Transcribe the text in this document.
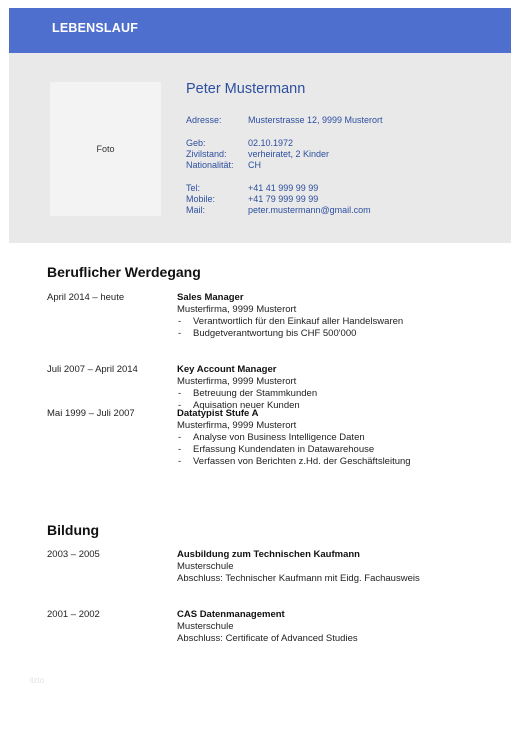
LEBENSLAUF
Foto
Peter Mustermann
Adresse:	Musterstrasse 12, 9999 Musterort
Geb:	02.10.1972
Zivilstand: verheiratet, 2 Kinder
Nationalität: CH
Tel:	+41 41 999 99 99
Mobile:	+41 79 999 99 99
Mail:	peter.mustermann@gmail.com
Beruflicher Werdegang
April 2014 – heute	Sales Manager
Musterfirma, 9999 Musterort
- Verantwortlich für den Einkauf aller Handelswaren
- Budgetverantwortung bis CHF 500'000
Juli 2007 – April 2014	Key Account Manager
Musterfirma, 9999 Musterort
- Betreuung der Stammkunden
- Aquisation neuer Kunden
Mai 1999 – Juli 2007	Datatypist Stufe A
Musterfirma, 9999 Musterort
- Analyse von Business Intelligence Daten
- Erfassung Kundendaten in Datawarehouse
- Verfassen von Berichten z.Hd. der Geschäftsleitung
Bildung
2003 – 2005	Ausbildung zum Technischen Kaufmann
Musterschule
Abschluss: Technischer Kaufmann mit Eidg. Fachausweis
2001 – 2002	CAS Datenmanagement
Musterschule
Abschluss: Certificate of Advanced Studies
lizto
